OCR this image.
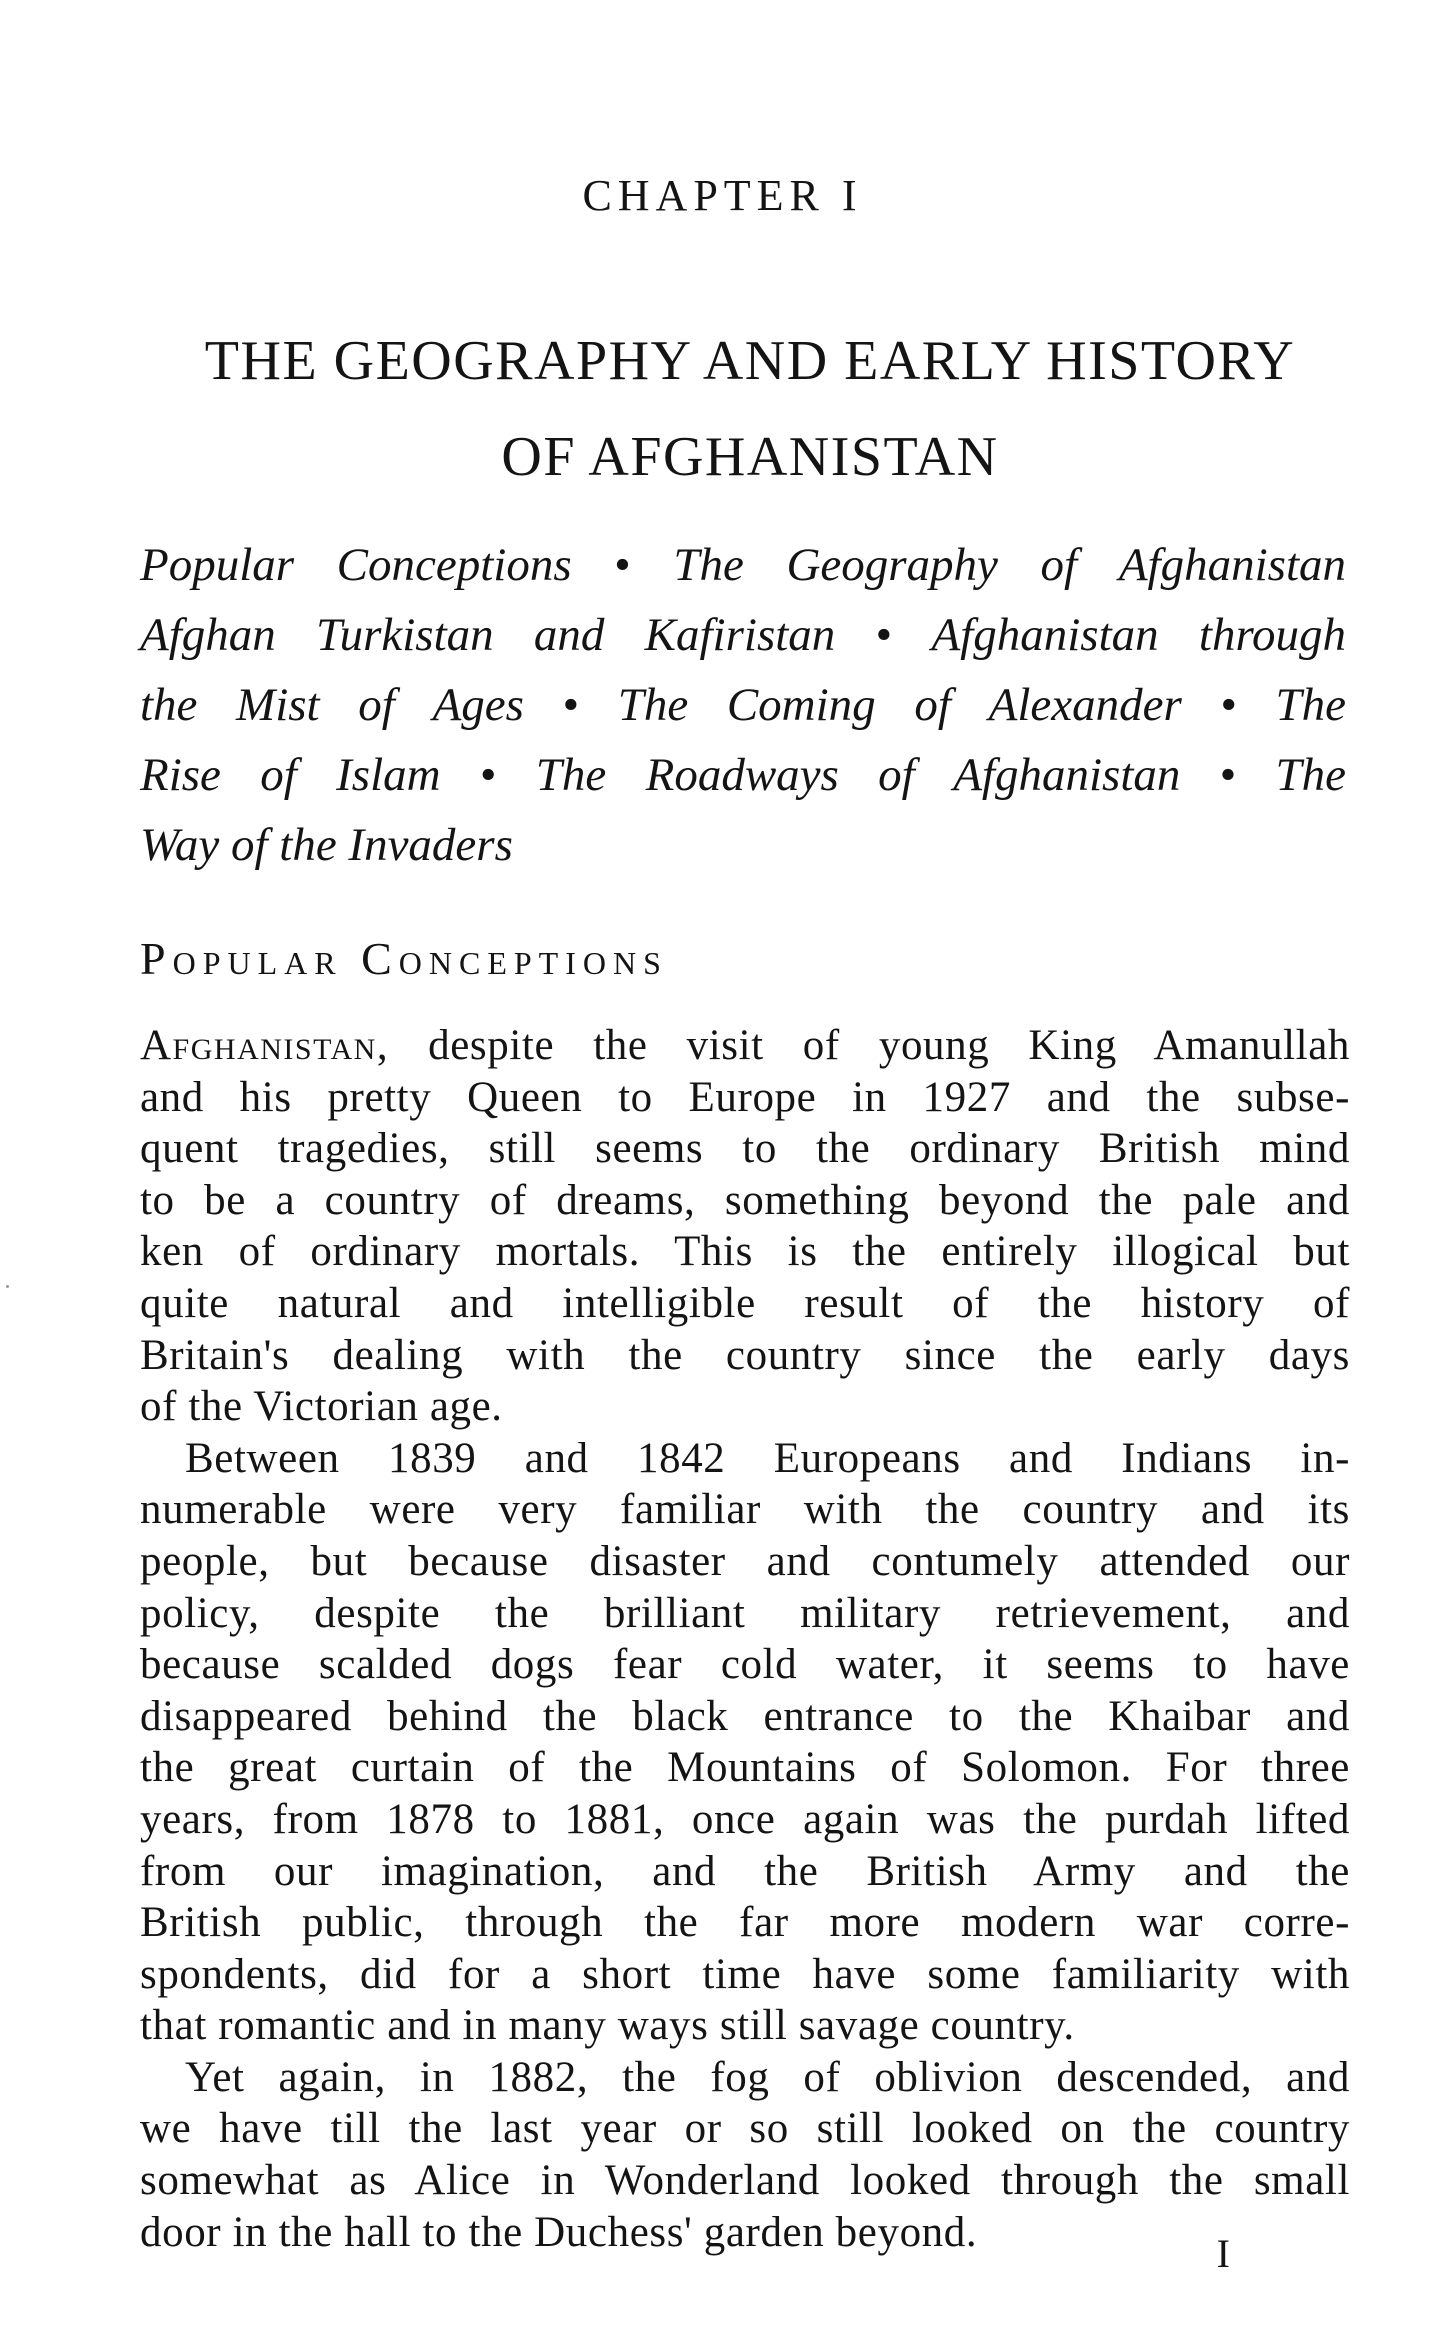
CHAPTER I
THE GEOGRAPHY AND EARLY HISTORY
OF AFGHANISTAN
Popular Conceptions • The Geography of Afghanistan
Afghan Turkistan and Kafiristan • Afghanistan through
the Mist of Ages • The Coming of Alexander • The
Rise of Islam • The Roadways of Afghanistan • The
Way of the Invaders
Popular Conceptions

Afghanistan, despite the visit of young King Amanullah
and his pretty Queen to Europe in 1927 and the subse-
quent tragedies, still seems to the ordinary British mind
to be a country of dreams, something beyond the pale and
ken of ordinary mortals. This is the entirely illogical but
quite natural and intelligible result of the history of
Britain's dealing with the country since the early days
of the Victorian age.

Between 1839 and 1842 Europeans and Indians in-
numerable were very familiar with the country and its
people, but because disaster and contumely attended our
policy, despite the brilliant military retrievement, and
because scalded dogs fear cold water, it seems to have
disappeared behind the black entrance to the Khaibar and
the great curtain of the Mountains of Solomon. For three
years, from 1878 to 1881, once again was the purdah lifted
from our imagination, and the British Army and the
British public, through the far more modern war corre-
spondents, did for a short time have some familiarity with
that romantic and in many ways still savage country.

Yet again, in 1882, the fog of oblivion descended, and
we have till the last year or so still looked on the country
somewhat as Alice in Wonderland looked through the small
door in the hall to the Duchess' garden beyond.	I
